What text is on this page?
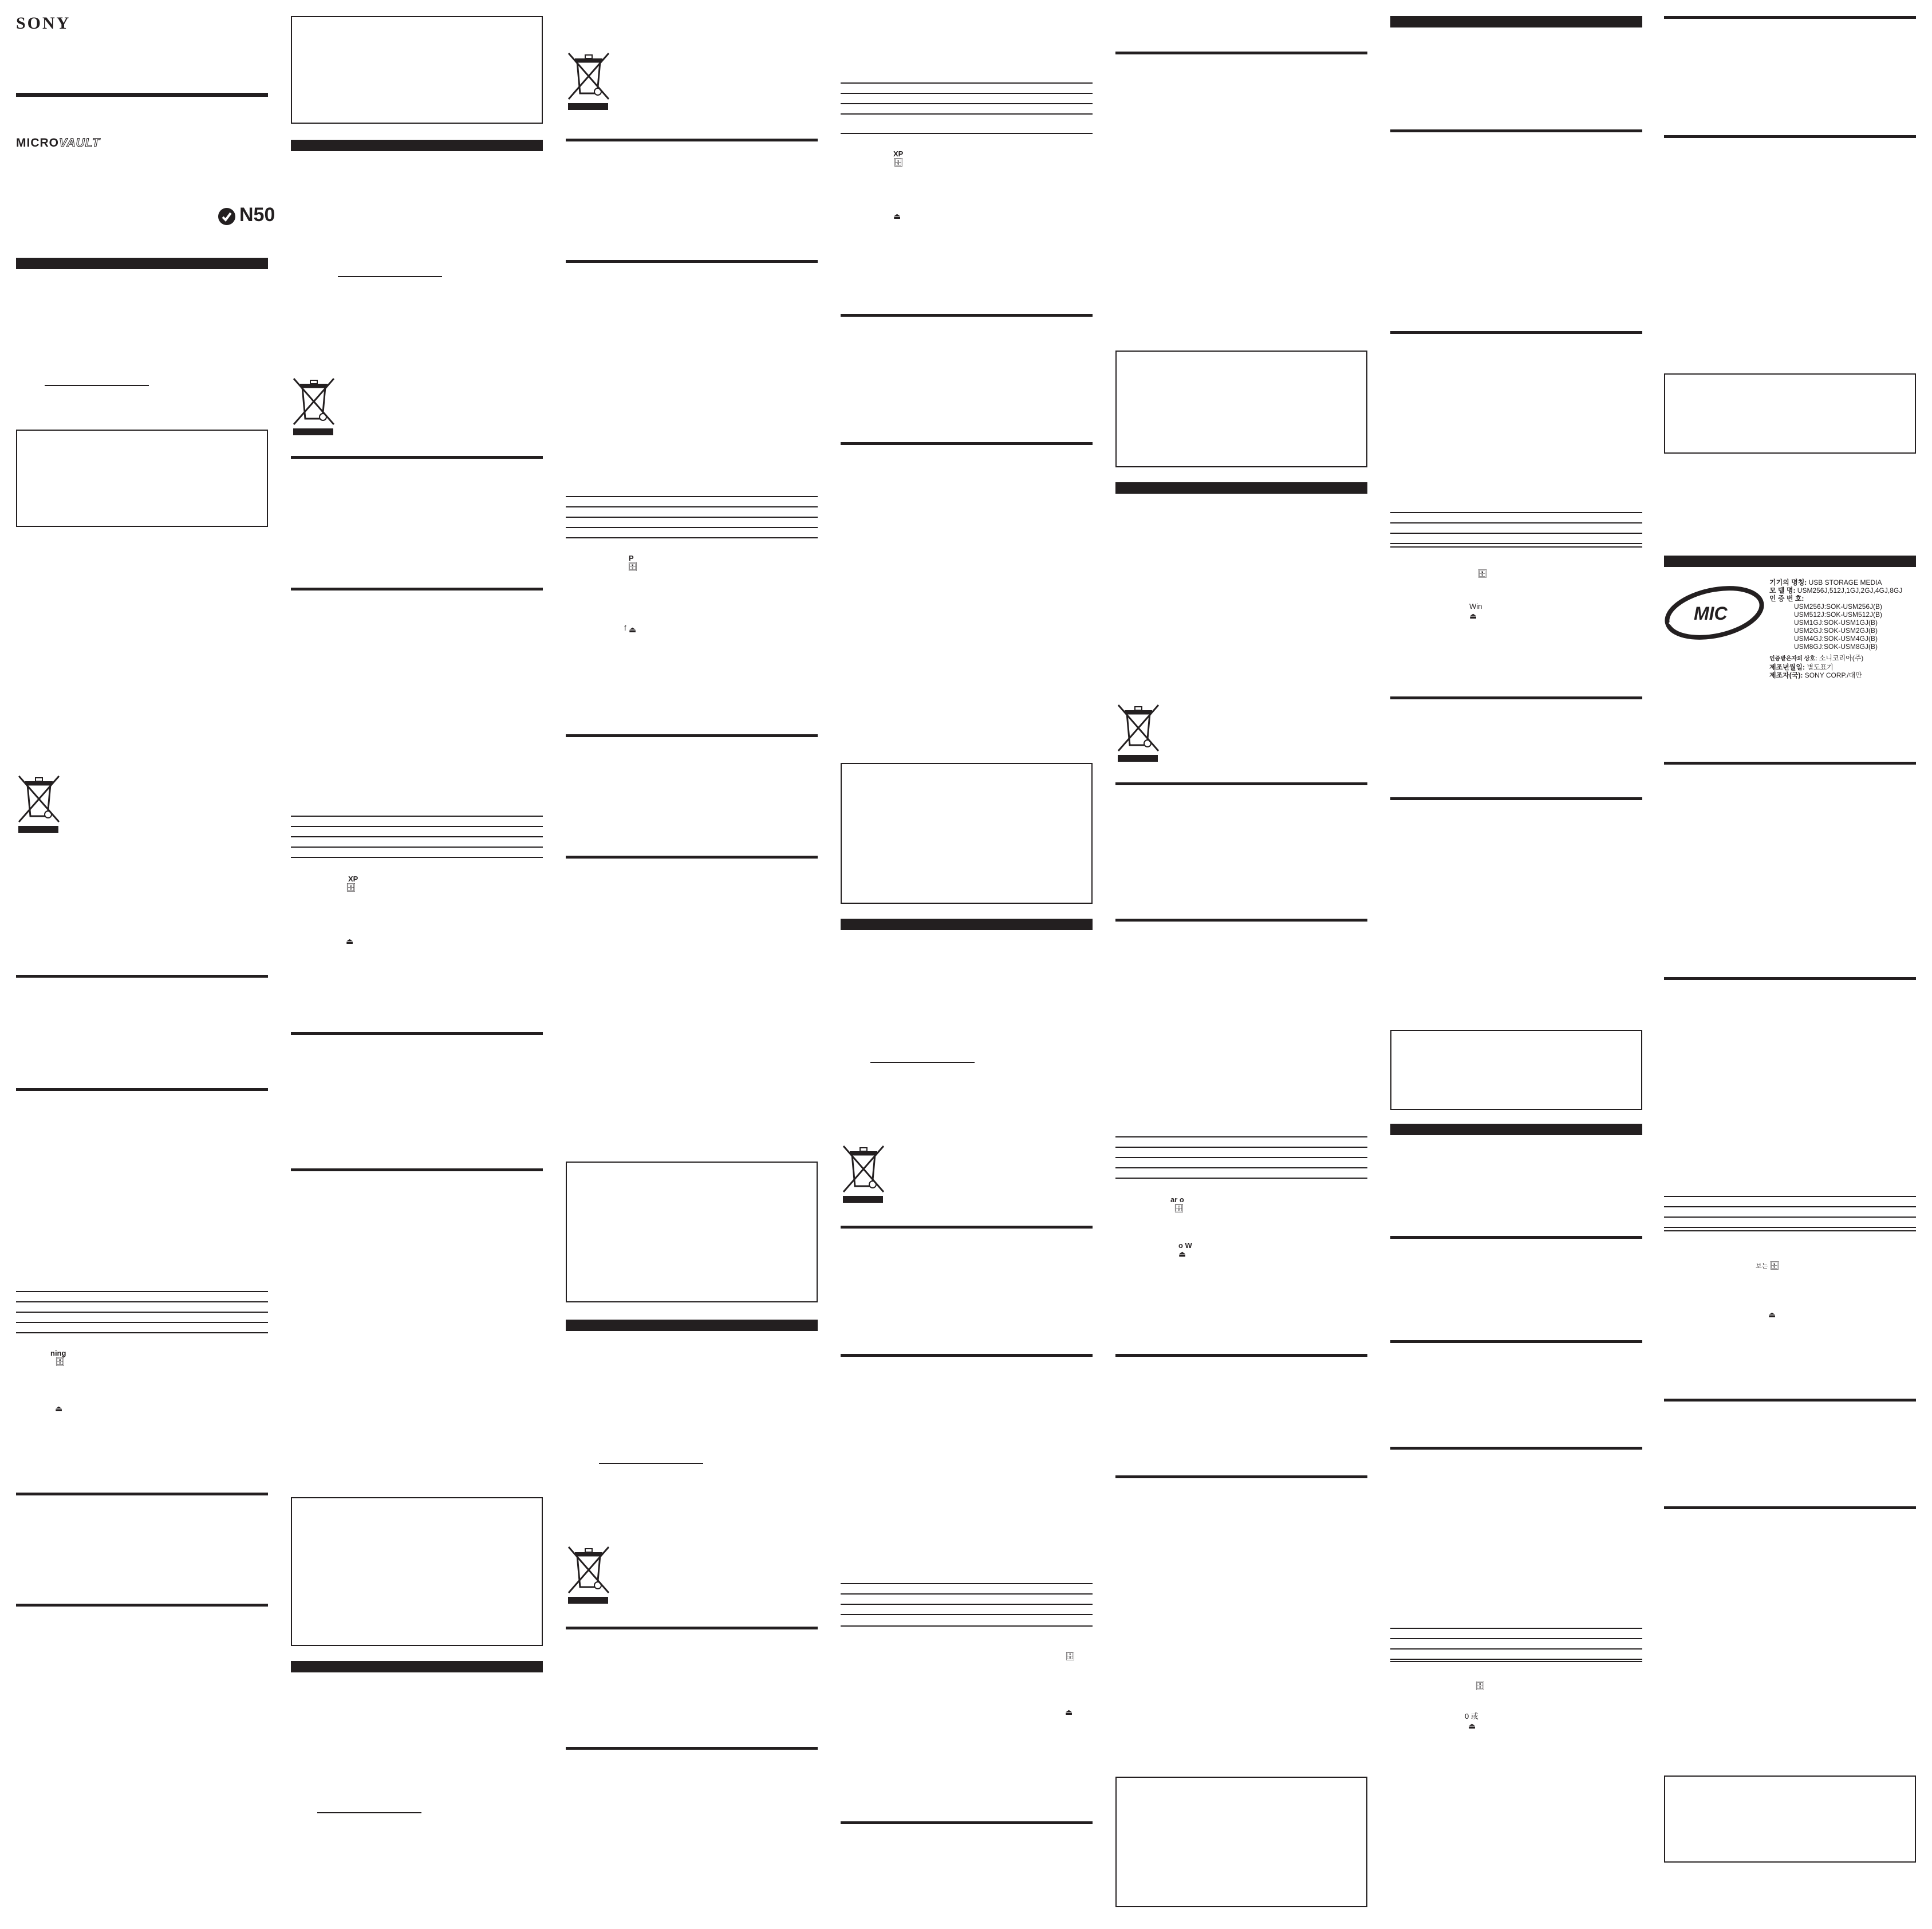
SONY
MICROVAULT
N50
ning
🗄
⏏
XP
🗄
⏏
P
🗄
f ⏏
XP
🗄
⏏
🗄
⏏
ar o
🗄
o W
⏏
🗄
Win
⏏
🗄
0 或
⏏
MIC
기기의 명칭: USB STORAGE MEDIA
모 델 명: USM256J,512J,1GJ,2GJ,4GJ,8GJ
인 증 번 호:
USM256J:SOK-USM256J(B)
USM512J:SOK-USM512J(B)
USM1GJ:SOK-USM1GJ(B)
USM2GJ:SOK-USM2GJ(B)
USM4GJ:SOK-USM4GJ(B)
USM8GJ:SOK-USM8GJ(B)
인증받은자의 상호: 소니코리아(주)
제조년월일: 별도표기
제조자(국): SONY CORP./대만
보는 🗄
⏏
